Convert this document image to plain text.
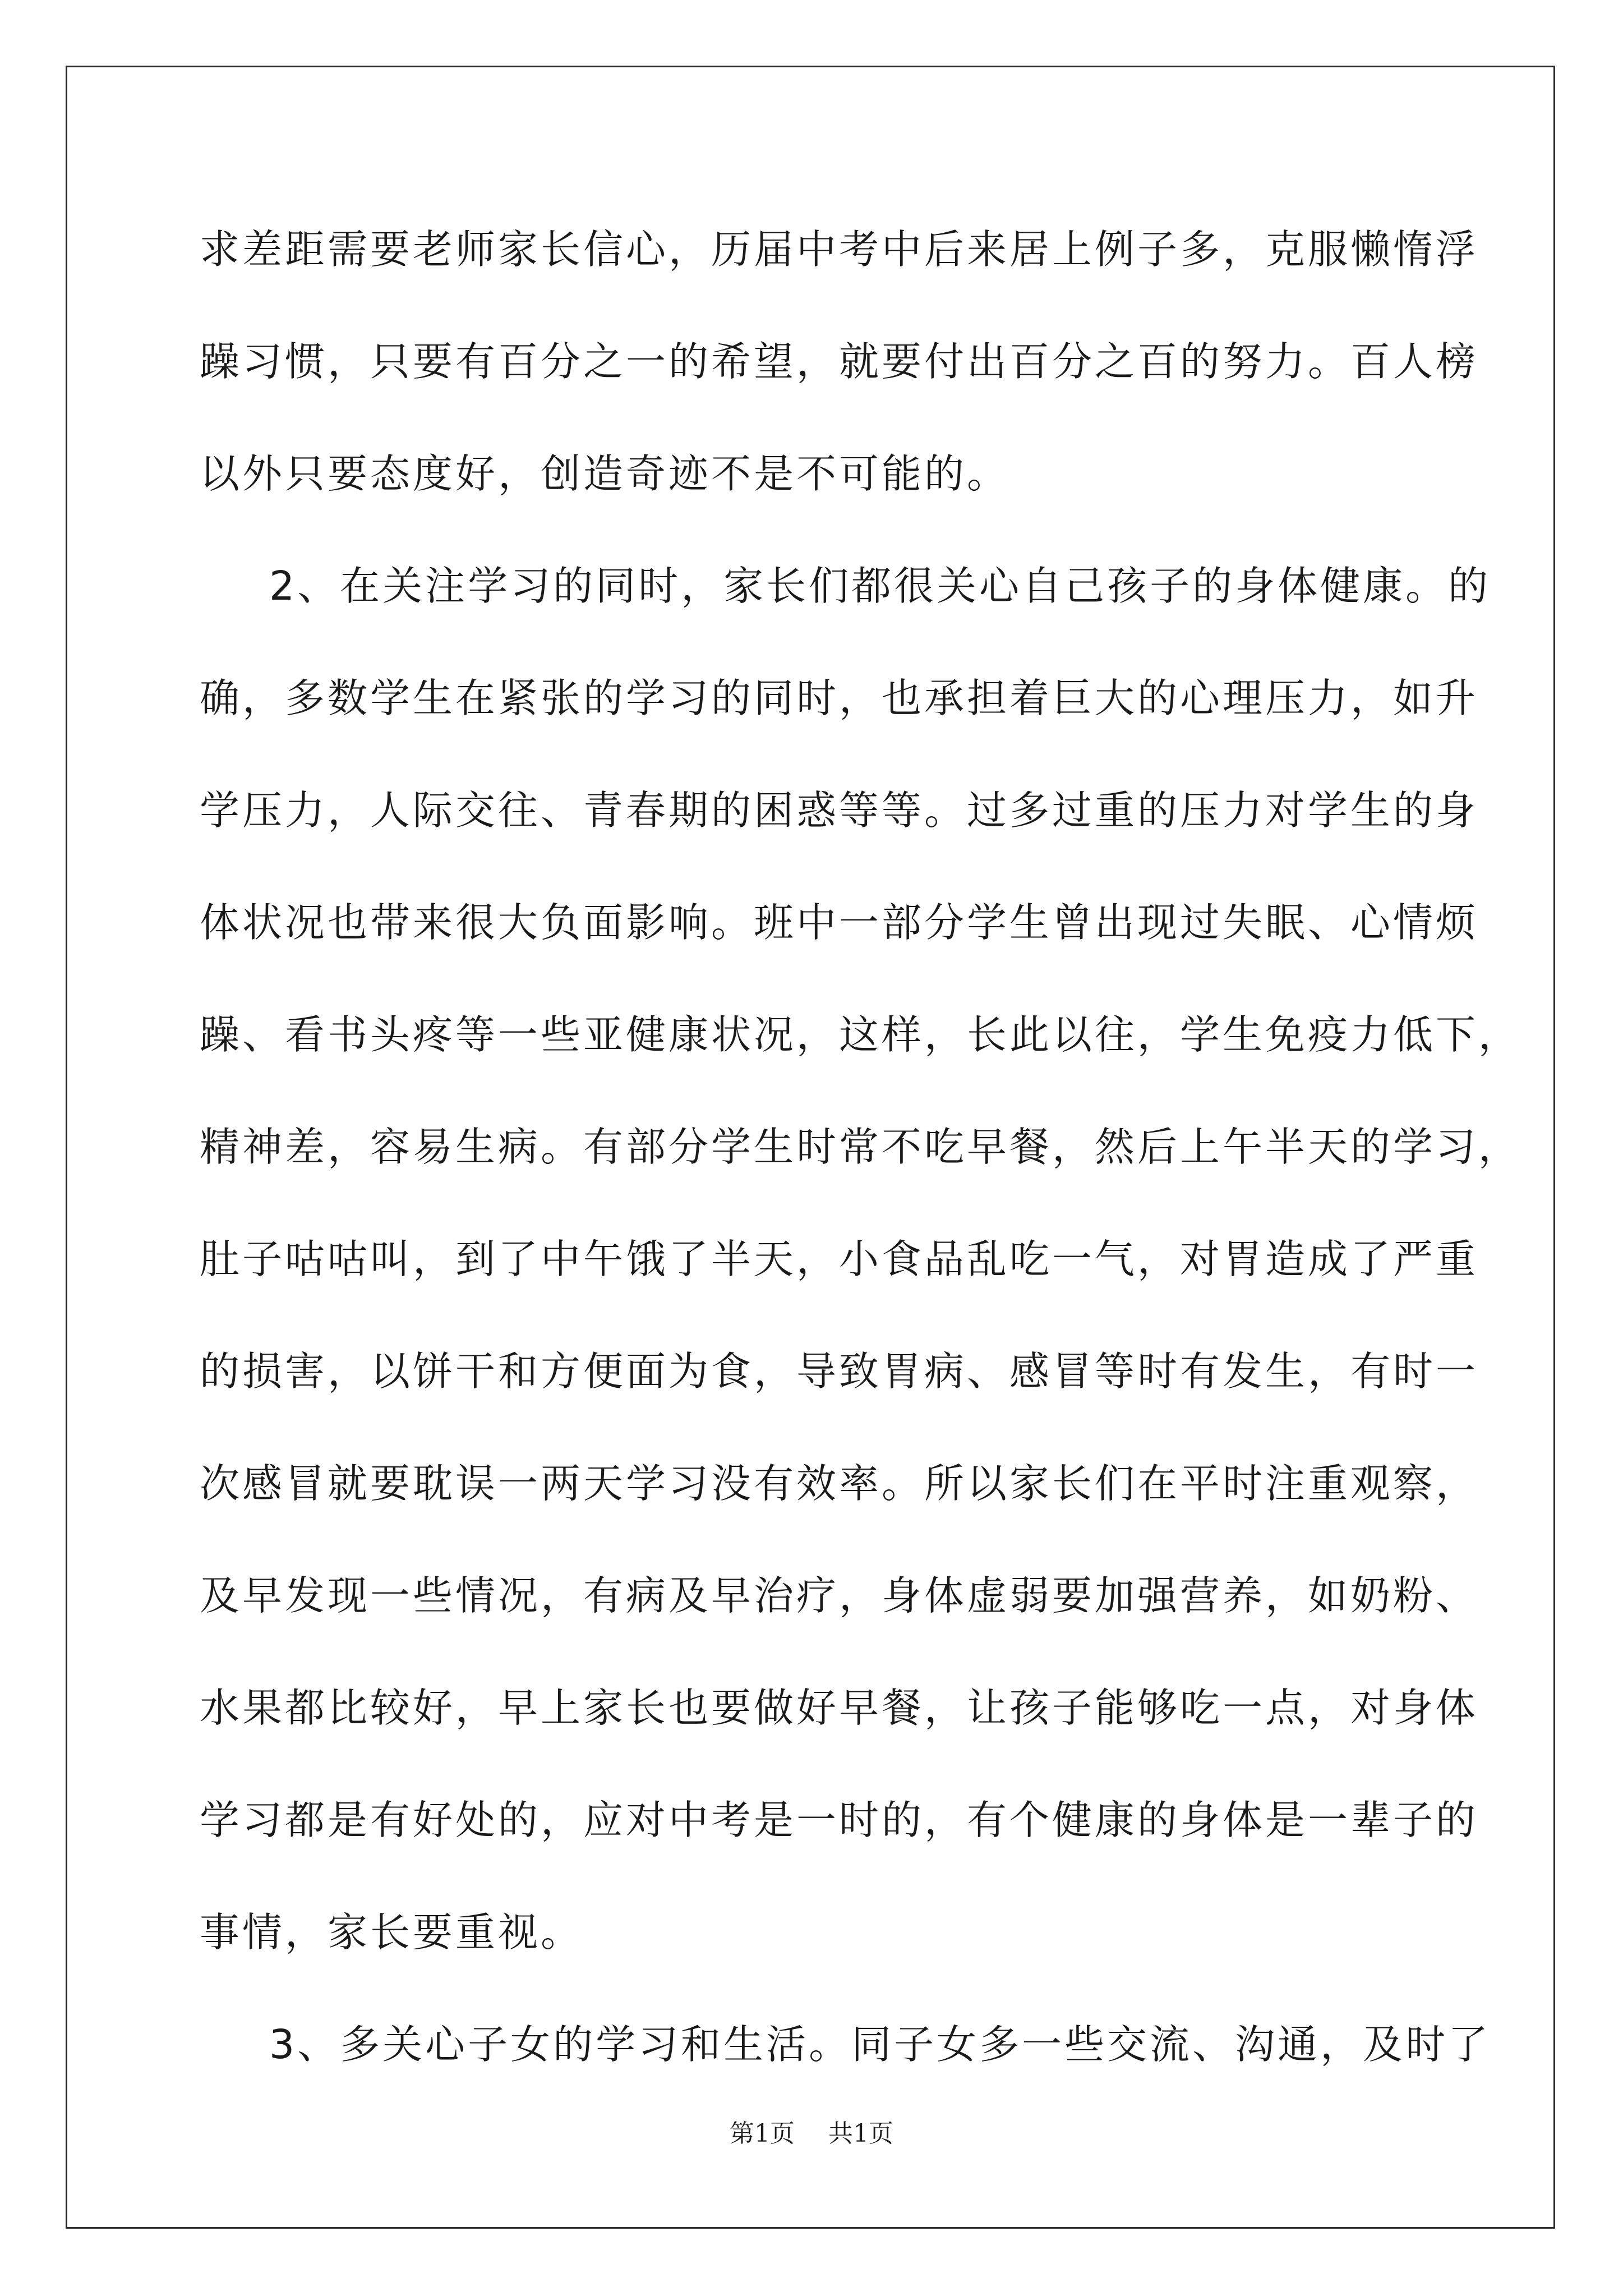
求差距需要老师家长信心，历届中考中后来居上例子多，克服懒惰浮
躁习惯，只要有百分之一的希望，就要付出百分之百的努力。百人榜
以外只要态度好，创造奇迹不是不可能的。
2、在关注学习的同时，家长们都很关心自己孩子的身体健康。的
确，多数学生在紧张的学习的同时，也承担着巨大的心理压力，如升
学压力，人际交往、青春期的困惑等等。过多过重的压力对学生的身
体状况也带来很大负面影响。班中一部分学生曾出现过失眠、心情烦
躁、看书头疼等一些亚健康状况，这样，长此以往，学生免疫力低下，
精神差，容易生病。有部分学生时常不吃早餐，然后上午半天的学习，
肚子咕咕叫，到了中午饿了半天，小食品乱吃一气，对胃造成了严重
的损害，以饼干和方便面为食，导致胃病、感冒等时有发生，有时一
次感冒就要耽误一两天学习没有效率。所以家长们在平时注重观察，
及早发现一些情况，有病及早治疗，身体虚弱要加强营养，如奶粉、
水果都比较好，早上家长也要做好早餐，让孩子能够吃一点，对身体
学习都是有好处的，应对中考是一时的，有个健康的身体是一辈子的
事情，家长要重视。
3、多关心子女的学习和生活。同子女多一些交流、沟通，及时了
第1页 共1页
